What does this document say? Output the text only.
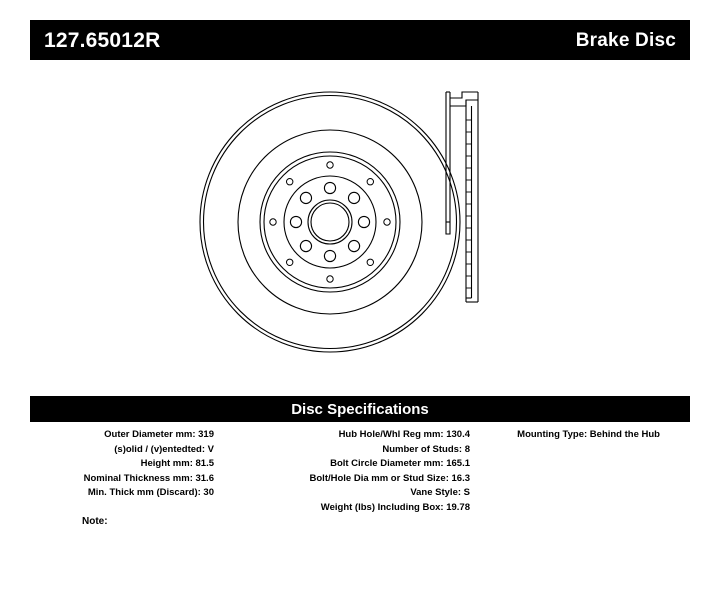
127.65012R	Brake Disc
Disc Specifications
Outer Diameter mm: 319
(s)olid / (v)entedted: V
Height mm: 81.5
Nominal Thickness mm: 31.6
Min. Thick mm (Discard): 30
Hub Hole/Whl Reg mm: 130.4
Number of Studs: 8
Bolt Circle Diameter mm: 165.1
Bolt/Hole Dia mm or Stud Size: 16.3
Vane Style: S
Weight (lbs) Including Box: 19.78
Mounting Type: Behind the Hub
Note:
